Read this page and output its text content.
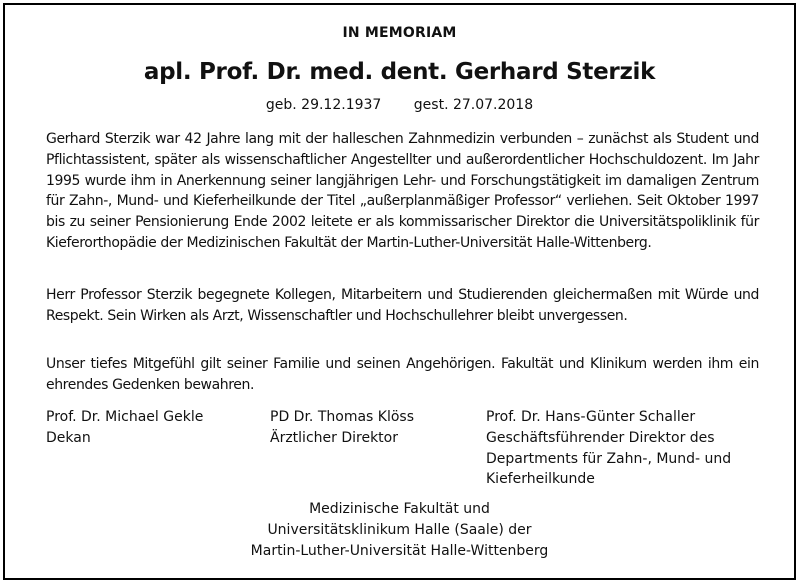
IN MEMORIAM
apl. Prof. Dr. med. dent. Gerhard Sterzik
geb. 29.12.1937 gest. 27.07.2018
Gerhard Sterzik war 42 Jahre lang mit der halleschen Zahnmedizin verbunden – zunächst als Student und Pflichtassistent, später als wissenschaftlicher Angestellter und außerordentlicher Hochschuldozent. Im Jahr 1995 wurde ihm in Anerkennung seiner langjährigen Lehr- und Forschungstätigkeit im damaligen Zentrum für Zahn-, Mund- und Kieferheilkunde der Titel „außerplanmäßiger Professor“ verliehen. Seit Oktober 1997 bis zu seiner Pensionierung Ende 2002 leitete er als kommissarischer Direktor die Universitätspoliklinik für Kieferorthopädie der Medizinischen Fakultät der Martin-Luther-Universität Halle-Wittenberg.
Herr Professor Sterzik begegnete Kollegen, Mitarbeitern und Studierenden gleichermaßen mit Würde und Respekt. Sein Wirken als Arzt, Wissenschaftler und Hochschullehrer bleibt unvergessen.
Unser tiefes Mitgefühl gilt seiner Familie und seinen Angehörigen. Fakultät und Klinikum werden ihm ein ehrendes Gedenken bewahren.
Prof. Dr. Michael Gekle
Dekan
PD Dr. Thomas Klöss
Ärztlicher Direktor
Prof. Dr. Hans-Günter Schaller
Geschäftsführender Direktor des Departments für Zahn-, Mund- und Kieferheilkunde
Medizinische Fakultät und
Universitätsklinikum Halle (Saale) der
Martin-Luther-Universität Halle-Wittenberg
